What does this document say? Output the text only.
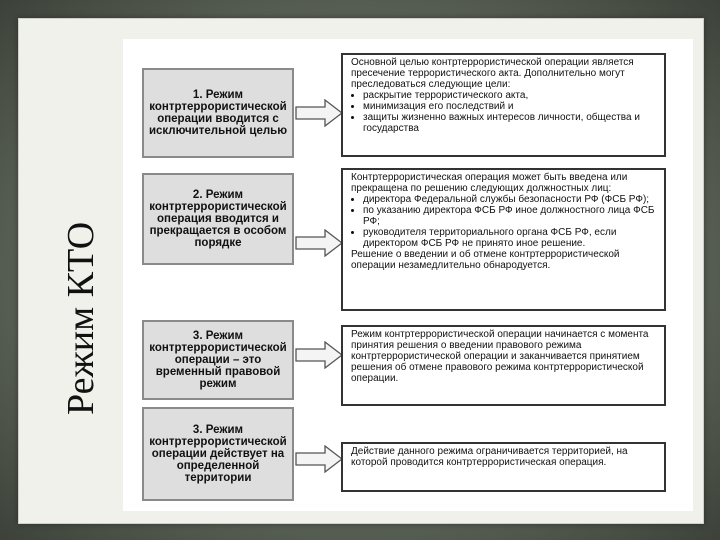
Режим КТО
1. Режим контртеррористической операции вводится с исключительной целью

Основной целью контртеррористической операции является пресечение террористического акта. Дополнительно могут преследоваться следующие цели:

• раскрытие террористического акта,
• минимизация его последствий и
• защиты жизненно важных интересов личности, общества и государства
2. Режим контртеррористической операция вводится и прекращается в особом порядке

Контртеррористическая операция может быть введена или прекращена по решению следующих должностных лиц:

• директора Федеральной службы безопасности РФ (ФСБ РФ);
• по указанию директора ФСБ РФ иное должностного лица ФСБ РФ;
• руководителя территориального органа ФСБ РФ, если директором ФСБ РФ не принято иное решение.

Решение о введении и об отмене контртеррористической операции незамедлительно обнародуется.

3. Режим контртеррористической операции – это временный правовой режим

Режим контртеррористической операции начинается с момента принятия решения о введении правового режима контртеррористической операции и заканчивается принятием решения об отмене правового режима контртеррористической операции.

3. Режим контртеррористической операции действует на определенной территории

Действие данного режима ограничивается территорией, на которой проводится контртеррористическая операция.
